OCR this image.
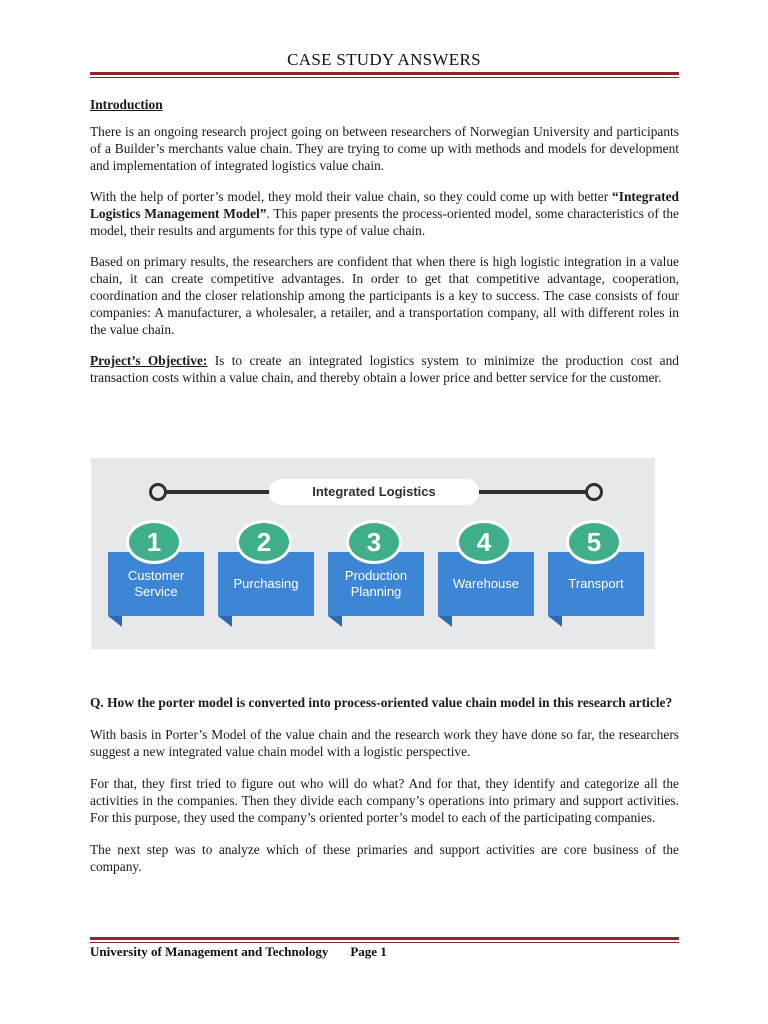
CASE STUDY ANSWERS

Introduction

There is an ongoing research project going on between researchers of Norwegian University and participants of a Builder’s merchants value chain. They are trying to come up with methods and models for development and implementation of integrated logistics value chain.

With the help of porter’s model, they mold their value chain, so they could come up with better “Integrated Logistics Management Model”. This paper presents the process-oriented model, some characteristics of the model, their results and arguments for this type of value chain.

Based on primary results, the researchers are confident that when there is high logistic integration in a value chain, it can create competitive advantages. In order to get that competitive advantage, cooperation, coordination and the closer relationship among the participants is a key to success. The case consists of four companies: A manufacturer, a wholesaler, a retailer, and a transportation company, all with different roles in the value chain.

Project’s Objective: Is to create an integrated logistics system to minimize the production cost and transaction costs within a value chain, and thereby obtain a lower price and better service for the customer.

Integrated Logistics
Customer Service
1
Purchasing
2
Production Planning
3
Warehouse
4
Transport
5

Q. How the porter model is converted into process-oriented value chain model in this research article?

With basis in Porter’s Model of the value chain and the research work they have done so far, the researchers suggest a new integrated value chain model with a logistic perspective.

For that, they first tried to figure out who will do what? And for that, they identify and categorize all the activities in the companies. Then they divide each company’s operations into primary and support activities. For this purpose, they used the company’s oriented porter’s model to each of the participating companies.

The next step was to analyze which of these primaries and support activities are core business of the company.

University of Management and Technology Page 1
